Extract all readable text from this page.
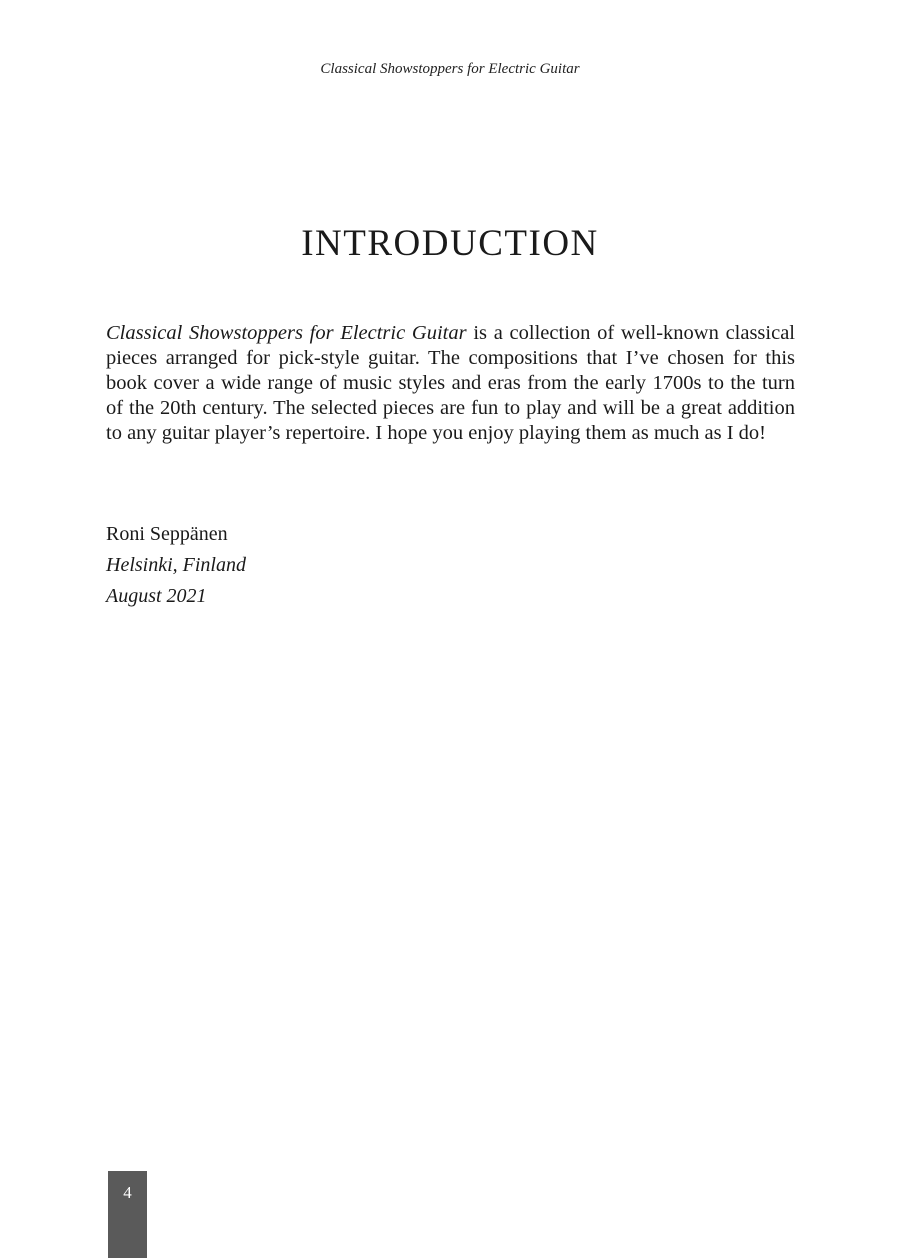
Classical Showstoppers for Electric Guitar
INTRODUCTION

Classical Showstoppers for Electric Guitar is a collection of well-known classical pieces arranged for pick-style guitar. The compositions that I’ve chosen for this book cover a wide range of music styles and eras from the early 1700s to the turn of the 20th century. The selected pieces are fun to play and will be a great addition to any guitar player’s repertoire. I hope you enjoy playing them as much as I do!

Roni Seppänen
Helsinki, Finland
August 2021
4
